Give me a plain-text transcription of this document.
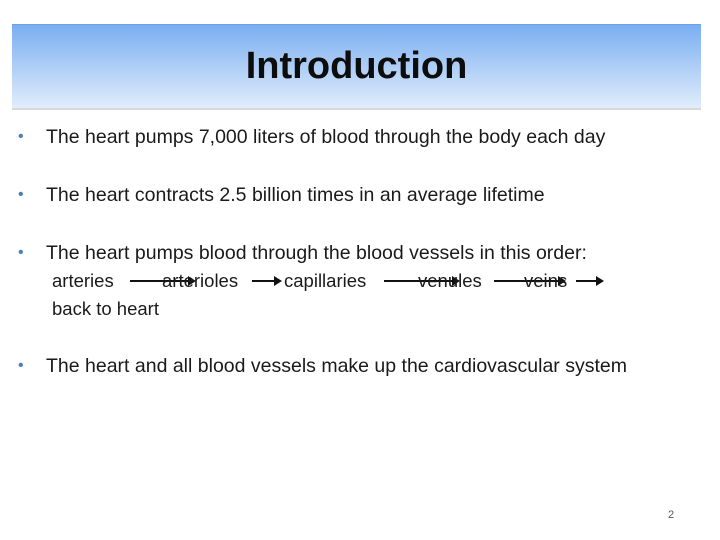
Introduction
• The heart pumps 7,000 liters of blood through the body each day
• The heart contracts 2.5 billion times in an average lifetime
• The heart pumps blood through the blood vessels in this order:
arteries	arterioles capillaries	venules veins
back to heart
• The heart and all blood vessels make up the cardiovascular system
2
